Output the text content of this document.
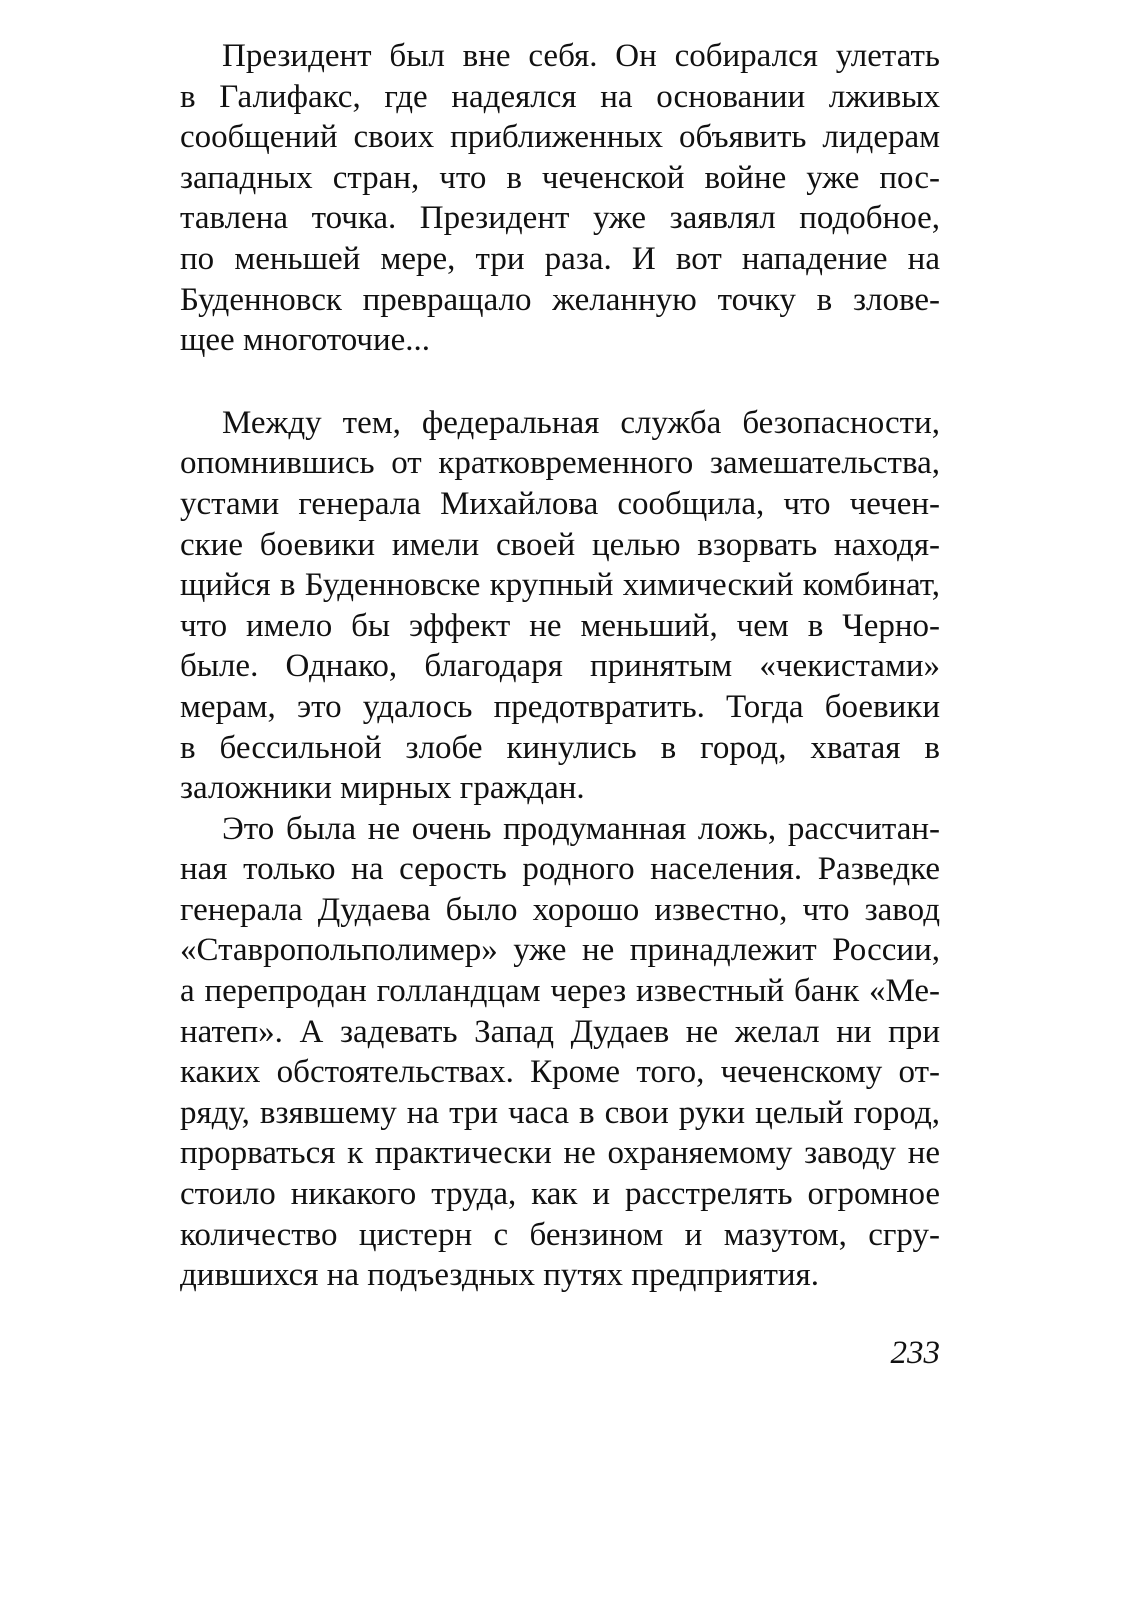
Президент был вне себя. Он собирался улетать
в Галифакс, где надеялся на основании лживых
сообщений своих приближенных объявить лидерам
западных стран, что в чеченской войне уже пос-
тавлена точка. Президент уже заявлял подобное,
по меньшей мере, три раза. И вот нападение на
Буденновск превращало желанную точку в злове-
щее многоточие...
Между тем, федеральная служба безопасности,
опомнившись от кратковременного замешательства,
устами генерала Михайлова сообщила, что чечен-
ские боевики имели своей целью взорвать находя-
щийся в Буденновске крупный химический комбинат,
что имело бы эффект не меньший, чем в Черно-
быле. Однако, благодаря принятым «чекистами»
мерам, это удалось предотвратить. Тогда боевики
в бессильной злобе кинулись в город, хватая в
заложники мирных граждан.
Это была не очень продуманная ложь, рассчитан-
ная только на серость родного населения. Разведке
генерала Дудаева было хорошо известно, что завод
«Ставропольполимер» уже не принадлежит России,
а перепродан голландцам через известный банк «Ме-
натеп». А задевать Запад Дудаев не желал ни при
каких обстоятельствах. Кроме того, чеченскому от-
ряду, взявшему на три часа в свои руки целый город,
прорваться к практически не охраняемому заводу не
стоило никакого труда, как и расстрелять огромное
количество цистерн с бензином и мазутом, сгру-
дившихся на подъездных путях предприятия.
233
